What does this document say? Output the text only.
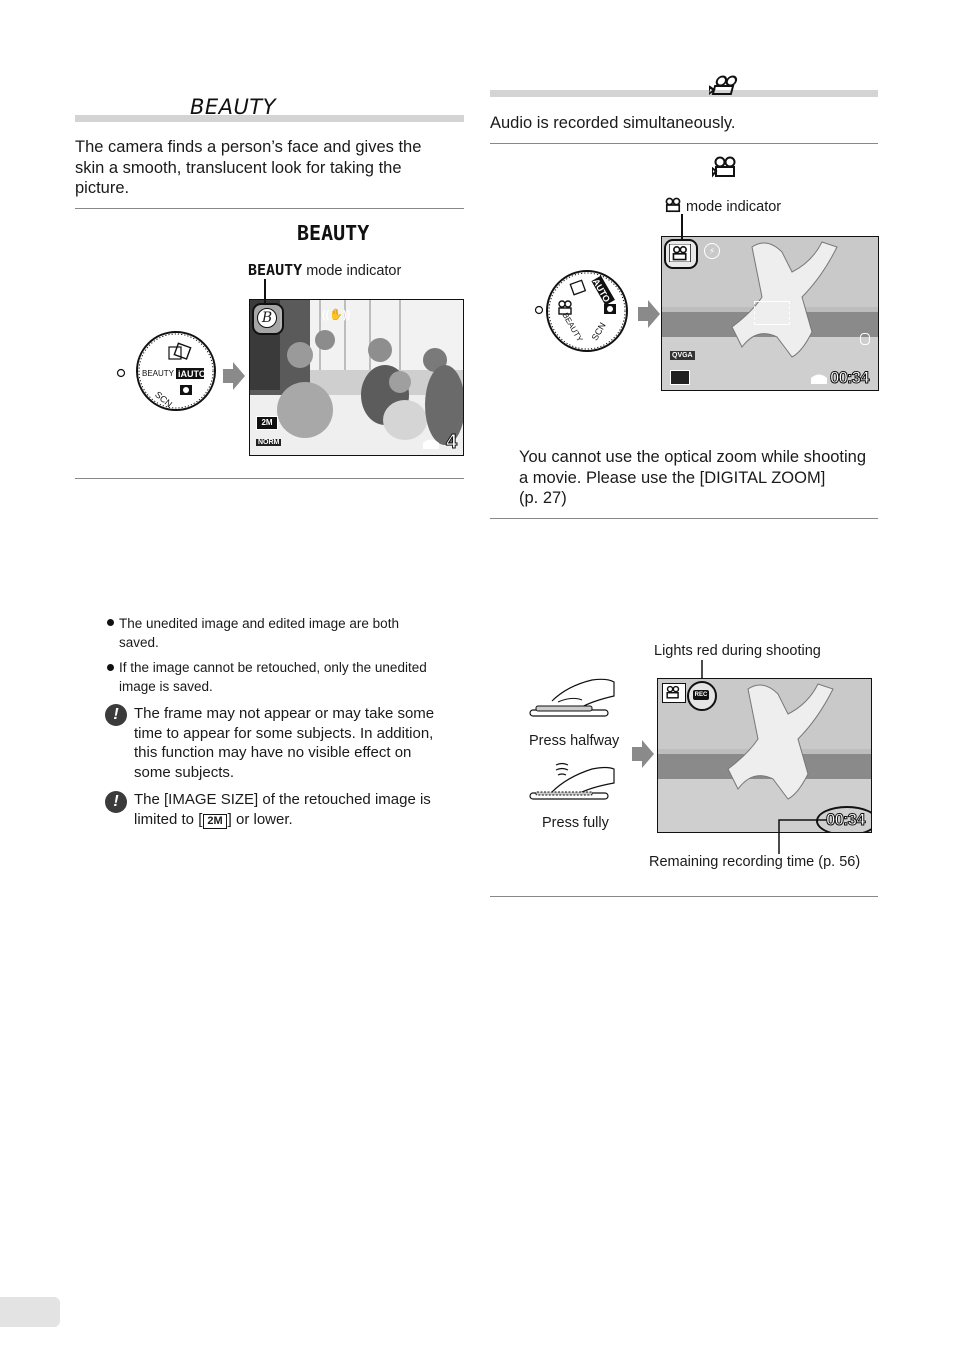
BEAUTY
The camera finds a person’s face and gives the
skin a smooth, translucent look for taking the
picture.
BEAUTY
BEAUTY mode indicator
BEAUTY iAUTO
SCN
B	((✋))
2M
NORM	4
The unedited image and edited image are both
saved.
If the image cannot be retouched, only the unedited
image is saved.
!	The frame may not appear or may take some
time to appear for some subjects. In addition,
this function may have no visible effect on
some subjects.
!	The [IMAGE SIZE] of the retouched image is
limited to [ 2M ] or lower.
Audio is recorded simultaneously.
mode indicator
iAUTO
BEAUTY SCN
⚡
QVGA
00:34
You cannot use the optical zoom while shooting
a movie. Please use the [DIGITAL ZOOM]
(p. 27)
Lights red during shooting
Press halfway
Press fully
REC
00:34
Remaining recording time (p. 56)
